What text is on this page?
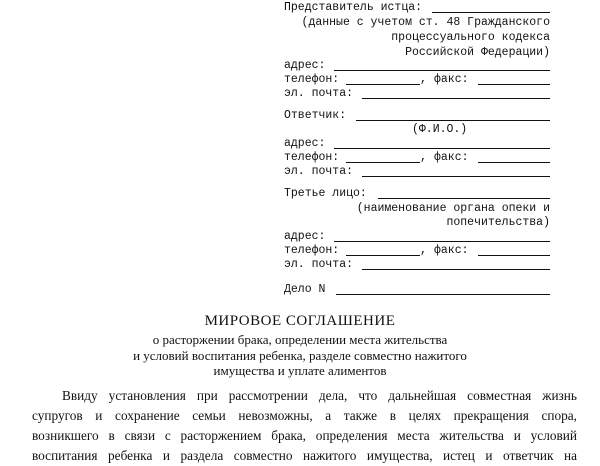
Представитель истца:
(данные с учетом ст. 48 Гражданского
процессуального кодекса
Российской Федерации)
адрес:
телефон:	, факс:
эл. почта:
Ответчик:
(Ф.И.О.)
адрес:
телефон:	, факс:
эл. почта:
Третье лицо:
(наименование органа опеки и
попечительства)
адрес:
телефон:	, факс:
эл. почта:
Дело N
МИРОВОЕ СОГЛАШЕНИЕ
о расторжении брака, определении места жительства
и условий воспитания ребенка, разделе совместно нажитого
имущества и уплате алиментов
Ввиду установления при рассмотрении дела, что дальнейшая совместная жизнь
супругов и сохранение семьи невозможны, а также в целях прекращения спора,
возникшего в связи с расторжением брака, определения места жительства и условий
воспитания ребенка и раздела совместно нажитого имущества, истец и ответчик на
